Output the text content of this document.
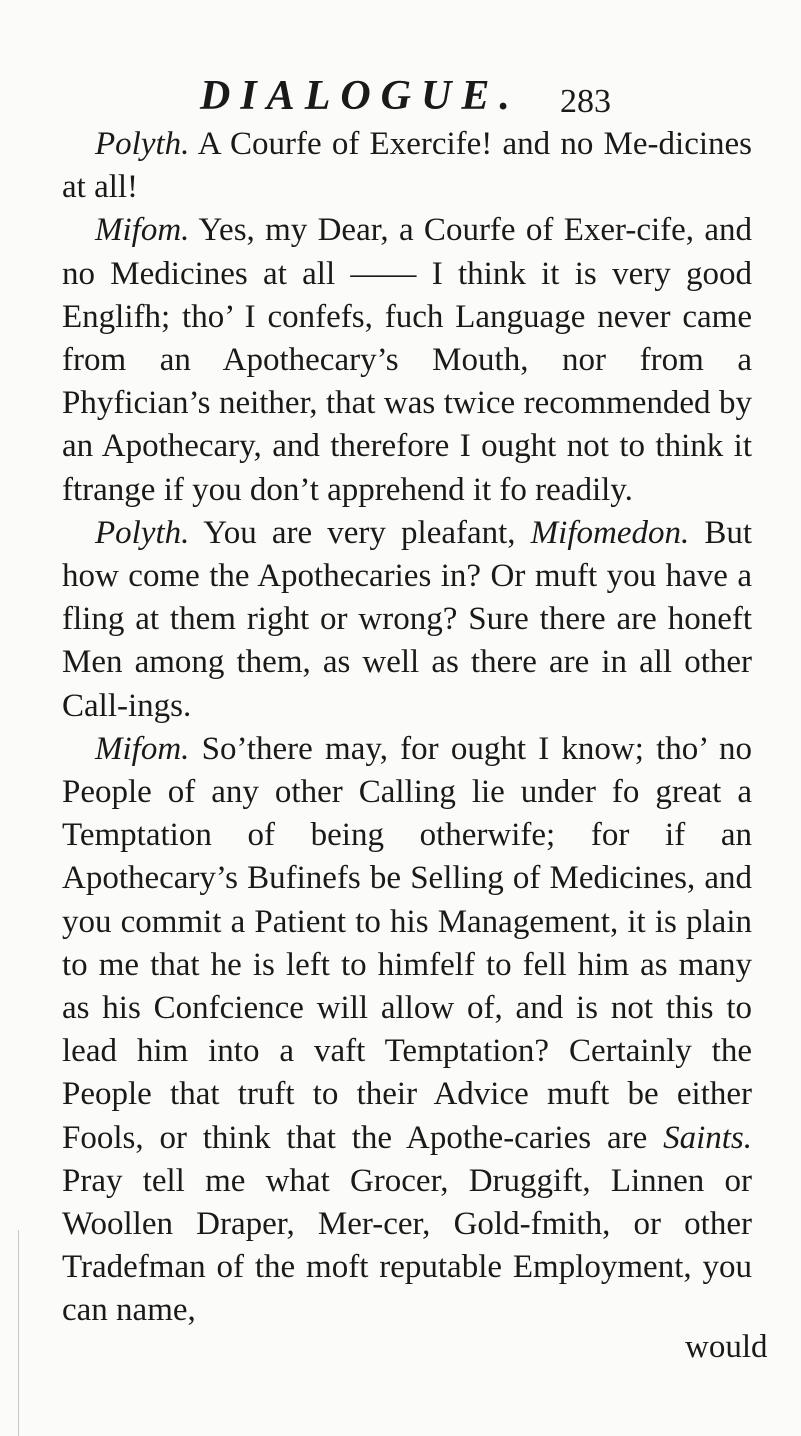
DIALOGUE. 283

Polyth. A Courfe of Exercife! and no Me-dicines at all!

Mifom. Yes, my Dear, a Courfe of Exer-cife, and no Medicines at all —— I think it is very good Englifh; tho’ I confefs, fuch Language never came from an Apothecary’s Mouth, nor from a Phyfician’s neither, that was twice recommended by an Apothecary, and therefore I ought not to think it ftrange if you don’t apprehend it fo readily.

Polyth. You are very pleafant, Mifomedon. But how come the Apothecaries in? Or muft you have a fling at them right or wrong? Sure there are honeft Men among them, as well as there are in all other Call-ings.

Mifom. So’there may, for ought I know; tho’ no People of any other Calling lie under fo great a Temptation of being otherwife; for if an Apothecary’s Bufinefs be Selling of Medicines, and you commit a Patient to his Management, it is plain to me that he is left to himfelf to fell him as many as his Confcience will allow of, and is not this to lead him into a vaft Temptation? Certainly the People that truft to their Advice muft be either Fools, or think that the Apothe-caries are Saints. Pray tell me what Grocer, Druggift, Linnen or Woollen Draper, Mer-cer, Gold-fmith, or other Tradefman of the moft reputable Employment, you can name,

would
